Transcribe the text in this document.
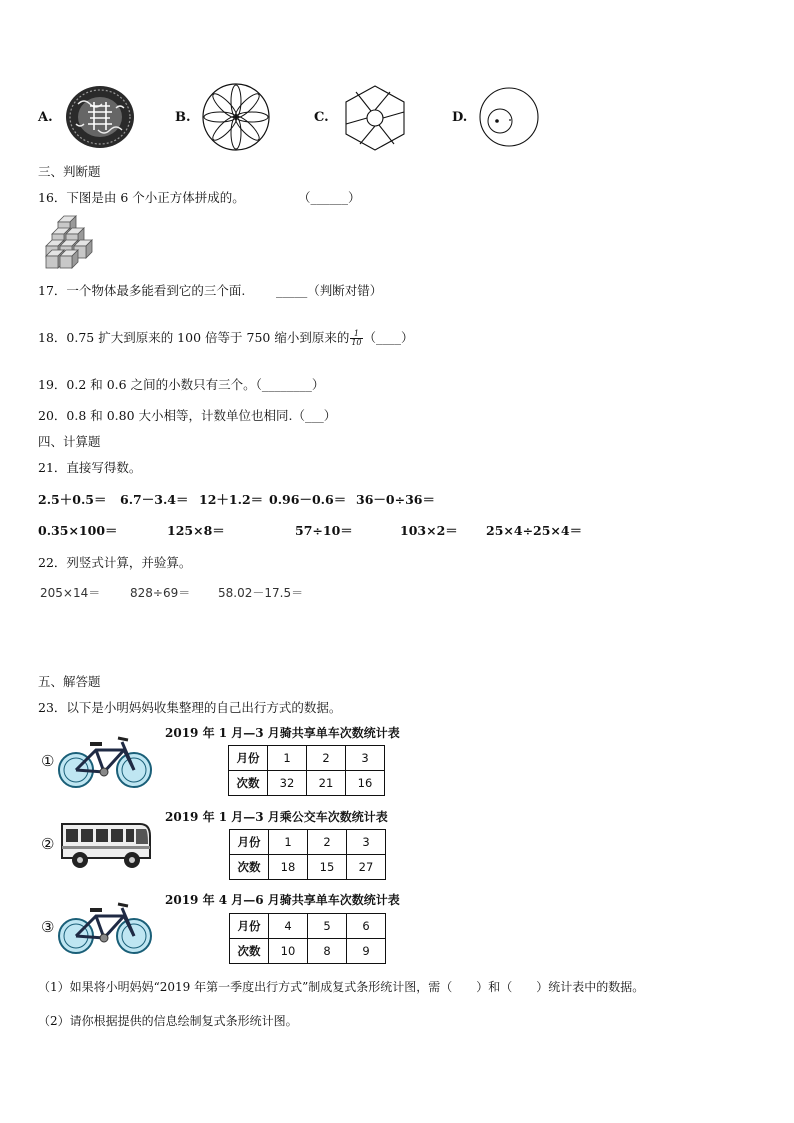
A.	B.	C.	D.
三、判断题
16．下图是由 6 个小正方体拼成的。	（______）
17．一个物体最多能看到它的三个面. _____（判断对错）
18．0.75 扩大到原来的 100 倍等于 750 缩小到原来的 $\frac{1}{10}$ （____）
19．0.2 和 0.6 之间的小数只有三个。（________）
20．0.8 和 0.80 大小相等，计数单位也相同.（___）
四、计算题
21．直接写得数。
2.5＋0.5＝ 6.7－3.4＝ 12＋1.2＝ 0.96－0.6＝ 36－0÷36＝
0.35×100＝	125×8＝	57÷10＝	103×2＝ 25×4÷25×4＝
22．列竖式计算，并验算。
205×14＝ 828÷69＝ 58.02－17.5＝
五、解答题
23．以下是小明妈妈收集整理的自己出行方式的数据。
①
2019 年 1 月—3 月骑共享单车次数统计表
月份	1	2	3
次数	32	21	16
②
2019 年 1 月—3 月乘公交车次数统计表
月份	1	2	3
次数	18	15	27
③
2019 年 4 月—6 月骑共享单车次数统计表
月份	4	5	6
次数	10	8	9
（1）如果将小明妈妈“2019 年第一季度出行方式”制成复式条形统计图，需（　　）和（　　）统计表中的数据。
（2）请你根据提供的信息绘制复式条形统计图。
